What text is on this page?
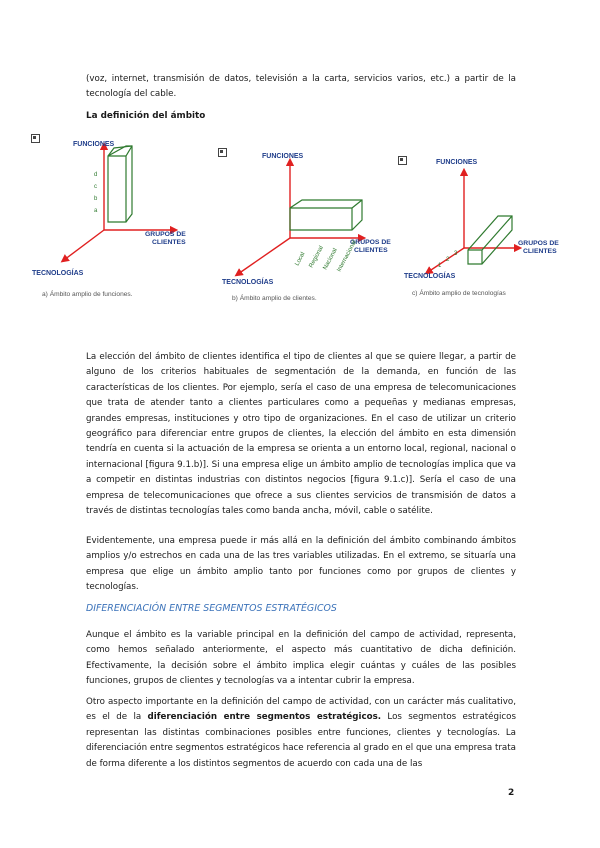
(voz, internet, transmisión de datos, televisión a la carta, servicios varios, etc.) a partir de la tecnología del cable.

La definición del ámbito
FUNCIONES
GRUPOS DE
CLIENTES
TECNOLOGÍAS
a
b
c
d
a) Ámbito amplio de funciones.
FUNCIONES
GRUPOS DE
CLIENTES
TECNOLOGÍAS
Local Regional
Nacional
Internacional
b) Ámbito amplio de clientes.
FUNCIONES
GRUPOS DE
CLIENTES
TECNOLOGÍAS
1
2
3
c) Ámbito amplio de tecnologías

La elección del ámbito de clientes identifica el tipo de clientes al que se quiere llegar, a partir de alguno de los criterios habituales de segmentación de la demanda, en función de las características de los clientes. Por ejemplo, sería el caso de una empresa de telecomunicaciones que trata de atender tanto a clientes particulares como a pequeñas y medianas empresas, grandes empresas, instituciones y otro tipo de organizaciones. En el caso de utilizar un criterio geográfico para diferenciar entre grupos de clientes, la elección del ámbito en esta dimensión tendría en cuenta si la actuación de la empresa se orienta a un entorno local, regional, nacional o internacional [figura 9.1.b)]. Si una empresa elige un ámbito amplio de tecnologías implica que va a competir en distintas industrias con distintos negocios [figura 9.1.c)]. Sería el caso de una empresa de telecomunicaciones que ofrece a sus clientes servicios de transmisión de datos a través de distintas tecnologías tales como banda ancha, móvil, cable o satélite.

Evidentemente, una empresa puede ir más allá en la definición del ámbito combinando ámbitos amplios y/o estrechos en cada una de las tres variables utilizadas. En el extremo, se situaría una empresa que elige un ámbito amplio tanto por funciones como por grupos de clientes y tecnologías.

DIFERENCIACIÓN ENTRE SEGMENTOS ESTRATÉGICOS

Aunque el ámbito es la variable principal en la definición del campo de actividad, representa, como hemos señalado anteriormente, el aspecto más cuantitativo de dicha definición. Efectivamente, la decisión sobre el ámbito implica elegir cuántas y cuáles de las posibles funciones, grupos de clientes y tecnologías va a intentar cubrir la empresa.

Otro aspecto importante en la definición del campo de actividad, con un carácter más cualitativo, es el de la diferenciación entre segmentos estratégicos. Los segmentos estratégicos representan las distintas combinaciones posibles entre funciones, clientes y tecnologías. La diferenciación entre segmentos estratégicos hace referencia al grado en el que una empresa trata de forma diferente a los distintos segmentos de acuerdo con cada una de las

2
